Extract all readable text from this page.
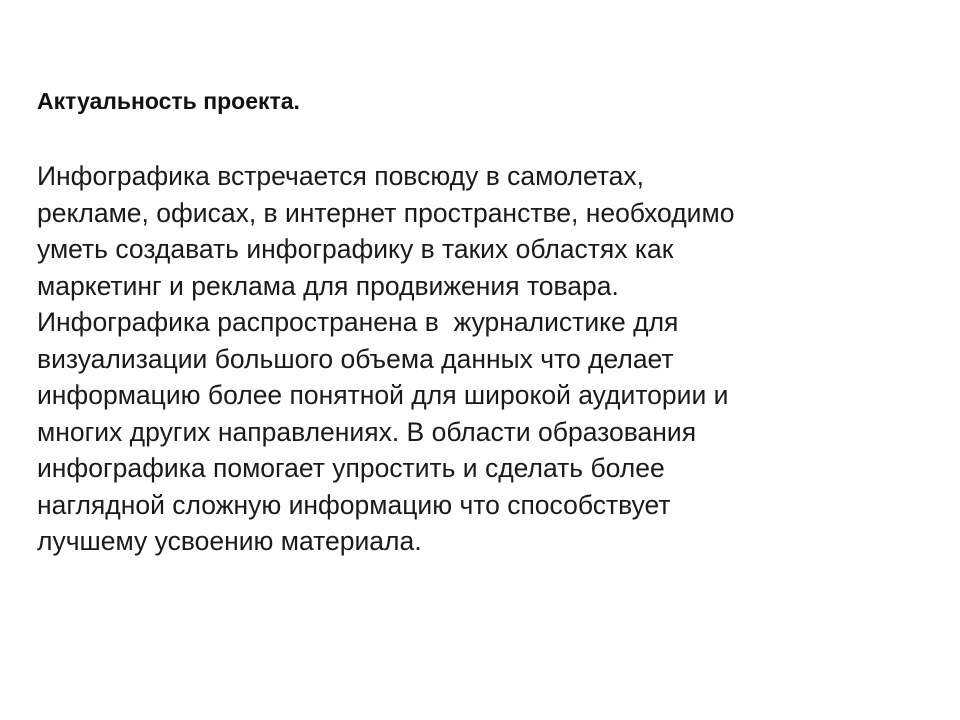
Актуальность проекта.
Инфографика встречается повсюду в самолетах,
рекламе, офисах, в интернет пространстве, необходимо
уметь создавать инфографику в таких областях как
маркетинг и реклама для продвижения товара.
Инфографика распространена в  журналистике для
визуализации большого объема данных что делает
информацию более понятной для широкой аудитории и
многих других направлениях. В области образования
инфографика помогает упростить и сделать более
наглядной сложную информацию что способствует
лучшему усвоению материала.
